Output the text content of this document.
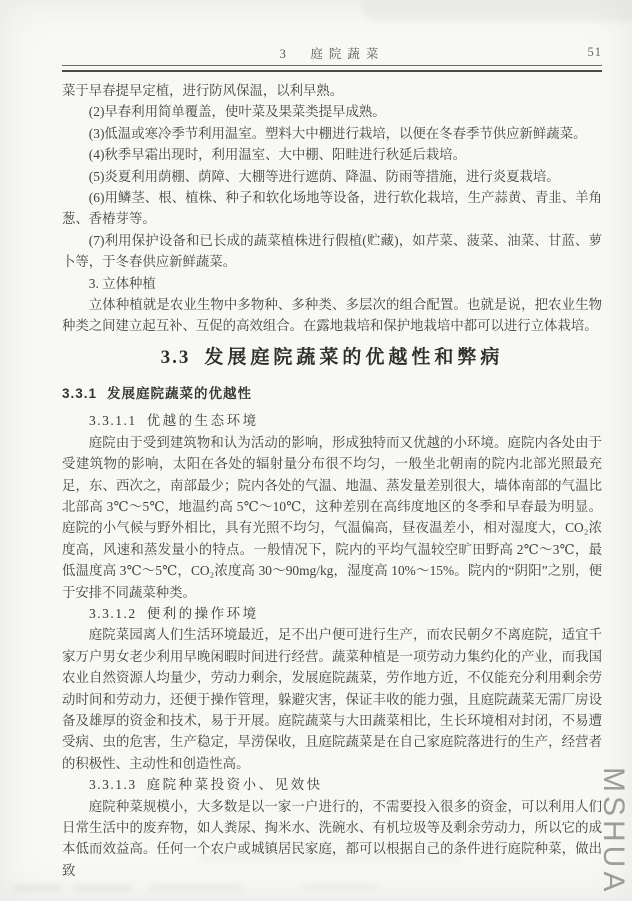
3　庭院蔬菜	51

菜于早春提早定植，进行防风保温，以利早熟。

(2)早春利用简单覆盖，使叶菜及果菜类提早成熟。

(3)低温或寒冷季节利用温室。塑料大中棚进行栽培，以便在冬春季节供应新鲜蔬菜。

(4)秋季早霜出现时，利用温室、大中棚、阳畦进行秋延后栽培。

(5)炎夏利用荫棚、荫障、大棚等进行遮荫、降温、防雨等措施，进行炎夏栽培。

(6)用鳞茎、根、植株、种子和软化场地等设备，进行软化栽培，生产蒜黄、青韭、羊角葱、香椿芽等。

(7)利用保护设备和已长成的蔬菜植株进行假植(贮藏)，如芹菜、菠菜、油菜、甘蓝、萝卜等，于冬春供应新鲜蔬菜。

3. 立体种植

立体种植就是农业生物中多物种、多种类、多层次的组合配置。也就是说，把农业生物种类之间建立起互补、互促的高效组合。在露地栽培和保护地栽培中都可以进行立体栽培。

3.3 发展庭院蔬菜的优越性和弊病
3.3.1 发展庭院蔬菜的优越性
3.3.1.1 优越的生态环境

庭院由于受到建筑物和认为活动的影响，形成独特而又优越的小环境。庭院内各处由于受建筑物的影响，太阳在各处的辐射量分布很不均匀，一般坐北朝南的院内北部光照最充足，东、西次之，南部最少；院内各处的气温、地温、蒸发量差别很大，墙体南部的气温比北部高 3℃～5℃，地温约高 5℃～10℃，这种差别在高纬度地区的冬季和早春最为明显。庭院的小气候与野外相比，具有光照不均匀，气温偏高，昼夜温差小，相对湿度大，CO₂浓度高，风速和蒸发量小的特点。一般情况下，院内的平均气温较空旷田野高 2℃～3℃，最低温度高 3℃～5℃，CO₂浓度高 30～90mg/kg，湿度高 10%～15%。院内的“阴阳”之别，便于安排不同蔬菜种类。

3.3.1.2 便利的操作环境

庭院菜园离人们生活环境最近，足不出户便可进行生产，而农民朝夕不离庭院，适宜千家万户男女老少利用早晚闲暇时间进行经营。蔬菜种植是一项劳动力集约化的产业，而我国农业自然资源人均量少，劳动力剩余，发展庭院蔬菜，劳作地方近，不仅能充分利用剩余劳动时间和劳动力，还便于操作管理，躲避灾害，保证丰收的能力强，且庭院蔬菜无需厂房设备及雄厚的资金和技术，易于开展。庭院蔬菜与大田蔬菜相比，生长环境相对封闭，不易遭受病、虫的危害，生产稳定，旱涝保收，且庭院蔬菜是在自己家庭院落进行的生产，经营者的积极性、主动性和创造性高。

3.3.1.3 庭院种菜投资小、见效快

庭院种菜规模小，大多数是以一家一户进行的，不需要投入很多的资金，可以利用人们日常生活中的废弃物，如人粪尿、掏米水、洗碗水、有机垃圾等及剩余劳动力，所以它的成本低而效益高。任何一个农户或城镇居民家庭，都可以根据自己的条件进行庭院种菜，做出致	MSHUA
